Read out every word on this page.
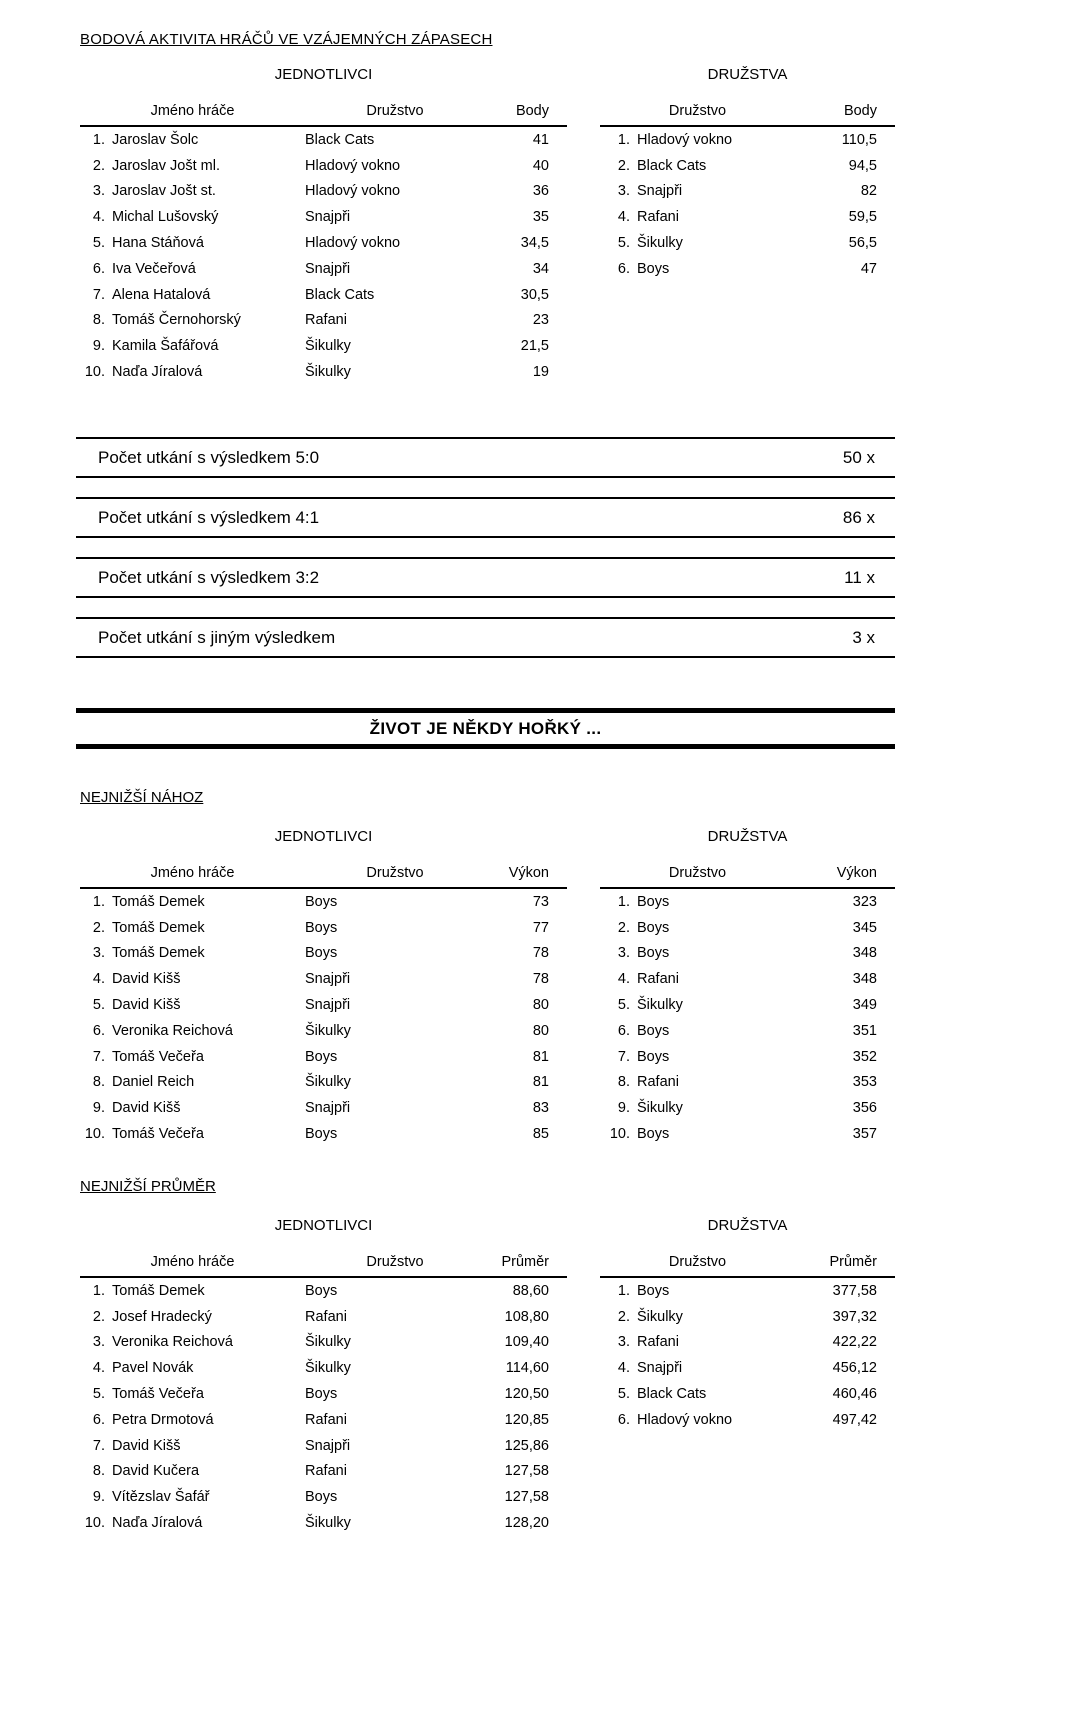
BODOVÁ AKTIVITA HRÁČŮ VE VZÁJEMNÝCH ZÁPASECH
JEDNOTLIVCI
Jméno hráče	Družstvo	Body
1. Jaroslav Šolc	Black Cats	41
2. Jaroslav Jošt ml.	Hladový vokno	40
3. Jaroslav Jošt st.	Hladový vokno	36
4. Michal Lušovský	Snajpři	35
5. Hana Stáňová	Hladový vokno	34,5
6. Iva Večeřová	Snajpři	34
7. Alena Hatalová	Black Cats	30,5
8. Tomáš Černohorský	Rafani	23
9. Kamila Šafářová	Šikulky	21,5
10. Naďa Jíralová	Šikulky	19
DRUŽSTVA
Družstvo	Body
1. Hladový vokno	110,5
2. Black Cats	94,5
3. Snajpři	82
4. Rafani	59,5
5. Šikulky	56,5
6. Boys	47
Počet utkání s výsledkem 5:0	50 x
Počet utkání s výsledkem 4:1	86 x
Počet utkání s výsledkem 3:2	11 x
Počet utkání s jiným výsledkem	3 x
ŽIVOT JE NĚKDY HOŘKÝ ...
NEJNIŽŠÍ NÁHOZ
JEDNOTLIVCI
Jméno hráče	Družstvo	Výkon
1. Tomáš Demek	Boys	73
2. Tomáš Demek	Boys	77
3. Tomáš Demek	Boys	78
4. David Kišš	Snajpři	78
5. David Kišš	Snajpři	80
6. Veronika Reichová	Šikulky	80
7. Tomáš Večeřa	Boys	81
8. Daniel Reich	Šikulky	81
9. David Kišš	Snajpři	83
10. Tomáš Večeřa	Boys	85
DRUŽSTVA
Družstvo	Výkon
1. Boys	323
2. Boys	345
3. Boys	348
4. Rafani	348
5. Šikulky	349
6. Boys	351
7. Boys	352
8. Rafani	353
9. Šikulky	356
10. Boys	357
NEJNIŽŠÍ PRŮMĚR
JEDNOTLIVCI
Jméno hráče	Družstvo	Průměr
1. Tomáš Demek	Boys	88,60
2. Josef Hradecký	Rafani	108,80
3. Veronika Reichová	Šikulky	109,40
4. Pavel Novák	Šikulky	114,60
5. Tomáš Večeřa	Boys	120,50
6. Petra Drmotová	Rafani	120,85
7. David Kišš	Snajpři	125,86
8. David Kučera	Rafani	127,58
9. Vítězslav Šafář	Boys	127,58
10. Naďa Jíralová	Šikulky	128,20
DRUŽSTVA
Družstvo	Průměr
1. Boys	377,58
2. Šikulky	397,32
3. Rafani	422,22
4. Snajpři	456,12
5. Black Cats	460,46
6. Hladový vokno	497,42
